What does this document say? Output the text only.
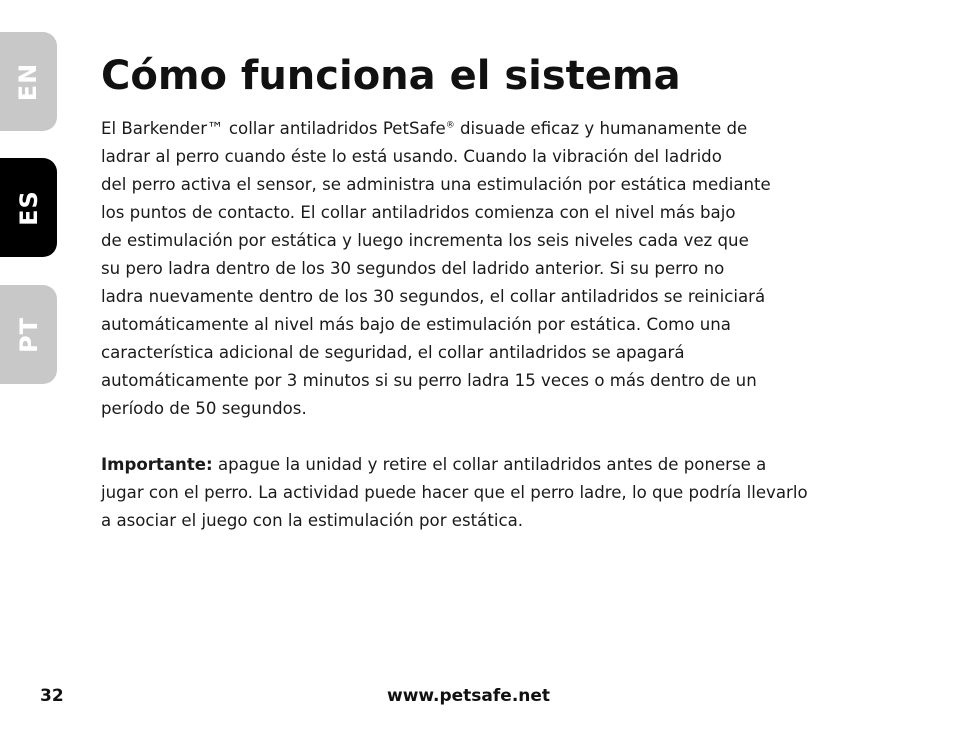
EN
ES
PT
Cómo funciona el sistema
El Barkender™ collar antiladridos PetSafe® disuade eficaz y humanamente de
ladrar al perro cuando éste lo está usando. Cuando la vibración del ladrido
del perro activa el sensor, se administra una estimulación por estática mediante
los puntos de contacto. El collar antiladridos comienza con el nivel más bajo
de estimulación por estática y luego incrementa los seis niveles cada vez que
su pero ladra dentro de los 30 segundos del ladrido anterior. Si su perro no
ladra nuevamente dentro de los 30 segundos, el collar antiladridos se reiniciará
automáticamente al nivel más bajo de estimulación por estática. Como una
característica adicional de seguridad, el collar antiladridos se apagará
automáticamente por 3 minutos si su perro ladra 15 veces o más dentro de un
período de 50 segundos.
Importante: apague la unidad y retire el collar antiladridos antes de ponerse a
jugar con el perro. La actividad puede hacer que el perro ladre, lo que podría llevarlo
a asociar el juego con la estimulación por estática.
32	www.petsafe.net
